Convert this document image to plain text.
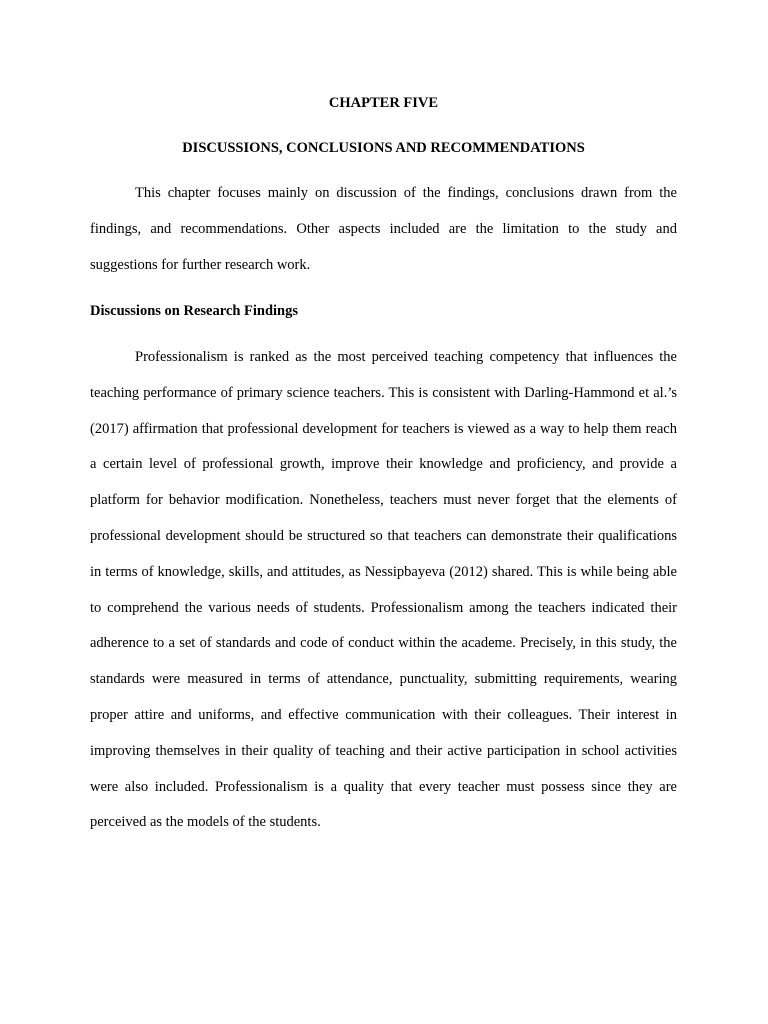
CHAPTER FIVE
DISCUSSIONS, CONCLUSIONS AND RECOMMENDATIONS

This chapter focuses mainly on discussion of the findings, conclusions drawn from the findings, and recommendations. Other aspects included are the limitation to the study and suggestions for further research work.

Discussions on Research Findings

Professionalism is ranked as the most perceived teaching competency that influences the teaching performance of primary science teachers. This is consistent with Darling-Hammond et al.’s (2017) affirmation that professional development for teachers is viewed as a way to help them reach a certain level of professional growth, improve their knowledge and proficiency, and provide a platform for behavior modification. Nonetheless, teachers must never forget that the elements of professional development should be structured so that teachers can demonstrate their qualifications in terms of knowledge, skills, and attitudes, as Nessipbayeva (2012) shared. This is while being able to comprehend the various needs of students. Professionalism among the teachers indicated their adherence to a set of standards and code of conduct within the academe. Precisely, in this study, the standards were measured in terms of attendance, punctuality, submitting requirements, wearing proper attire and uniforms, and effective communication with their colleagues. Their interest in improving themselves in their quality of teaching and their active participation in school activities were also included. Professionalism is a quality that every teacher must possess since they are perceived as the models of the students.
